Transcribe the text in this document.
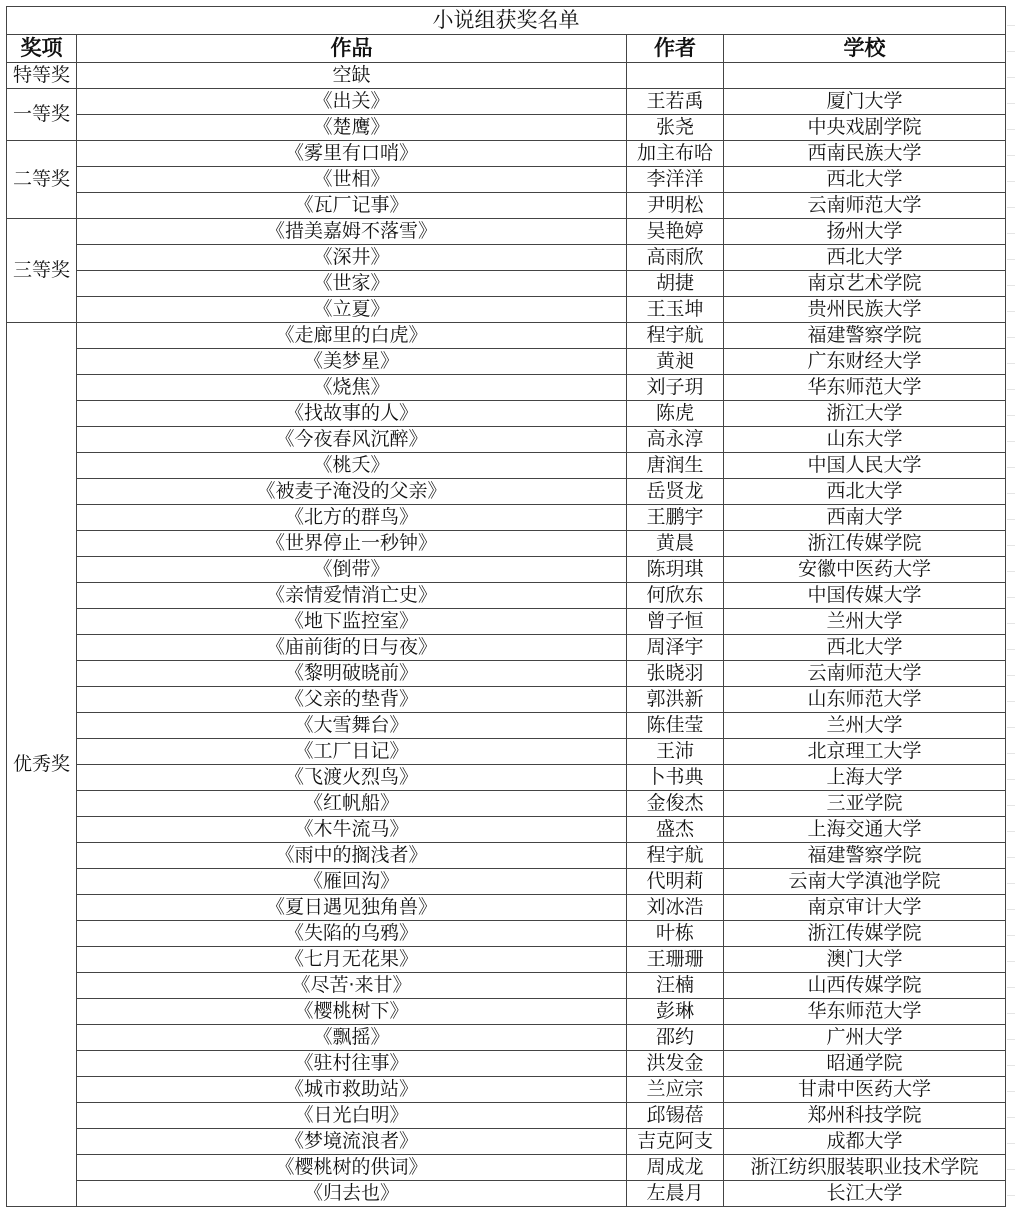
小说组获奖名单			
奖项	作品	作者	学校
特等奖	空缺		
一等奖	《出关》	王若禹	厦门大学
	《楚鹰》	张尧	中央戏剧学院
二等奖	《雾里有口哨》	加主布哈	西南民族大学
	《世相》	李洋洋	西北大学
	《瓦厂记事》	尹明松	云南师范大学
三等奖	《措美嘉姆不落雪》	吴艳婷	扬州大学
	《深井》	高雨欣	西北大学
	《世家》	胡捷	南京艺术学院
	《立夏》	王玉坤	贵州民族大学
优秀奖	《走廊里的白虎》	程宇航	福建警察学院
	《美梦星》	黄昶	广东财经大学
	《烧焦》	刘子玥	华东师范大学
	《找故事的人》	陈虎	浙江大学
	《今夜春风沉醉》	高永淳	山东大学
	《桃夭》	唐润生	中国人民大学
	《被麦子淹没的父亲》	岳贤龙	西北大学
	《北方的群鸟》	王鹏宇	西南大学
	《世界停止一秒钟》	黄晨	浙江传媒学院
	《倒带》	陈玥琪	安徽中医药大学
	《亲情爱情消亡史》	何欣东	中国传媒大学
	《地下监控室》	曾子恒	兰州大学
	《庙前街的日与夜》	周泽宇	西北大学
	《黎明破晓前》	张晓羽	云南师范大学
	《父亲的垫背》	郭洪新	山东师范大学
	《大雪舞台》	陈佳莹	兰州大学
	《工厂日记》	王沛	北京理工大学
	《飞渡火烈鸟》	卜书典	上海大学
	《红帆船》	金俊杰	三亚学院
	《木牛流马》	盛杰	上海交通大学
	《雨中的搁浅者》	程宇航	福建警察学院
	《雁回沟》	代明莉	云南大学滇池学院
	《夏日遇见独角兽》	刘冰浩	南京审计大学
	《失陷的乌鸦》	叶栋	浙江传媒学院
	《七月无花果》	王珊珊	澳门大学
	《尽苦·来甘》	汪楠	山西传媒学院
	《樱桃树下》	彭琳	华东师范大学
	《飘摇》	邵约	广州大学
	《驻村往事》	洪发金	昭通学院
	《城市救助站》	兰应宗	甘肃中医药大学
	《日光白明》	邱锡蓓	郑州科技学院
	《梦境流浪者》	吉克阿支	成都大学
	《樱桃树的供词》	周成龙	浙江纺织服装职业技术学院
	《归去也》	左晨月	长江大学
